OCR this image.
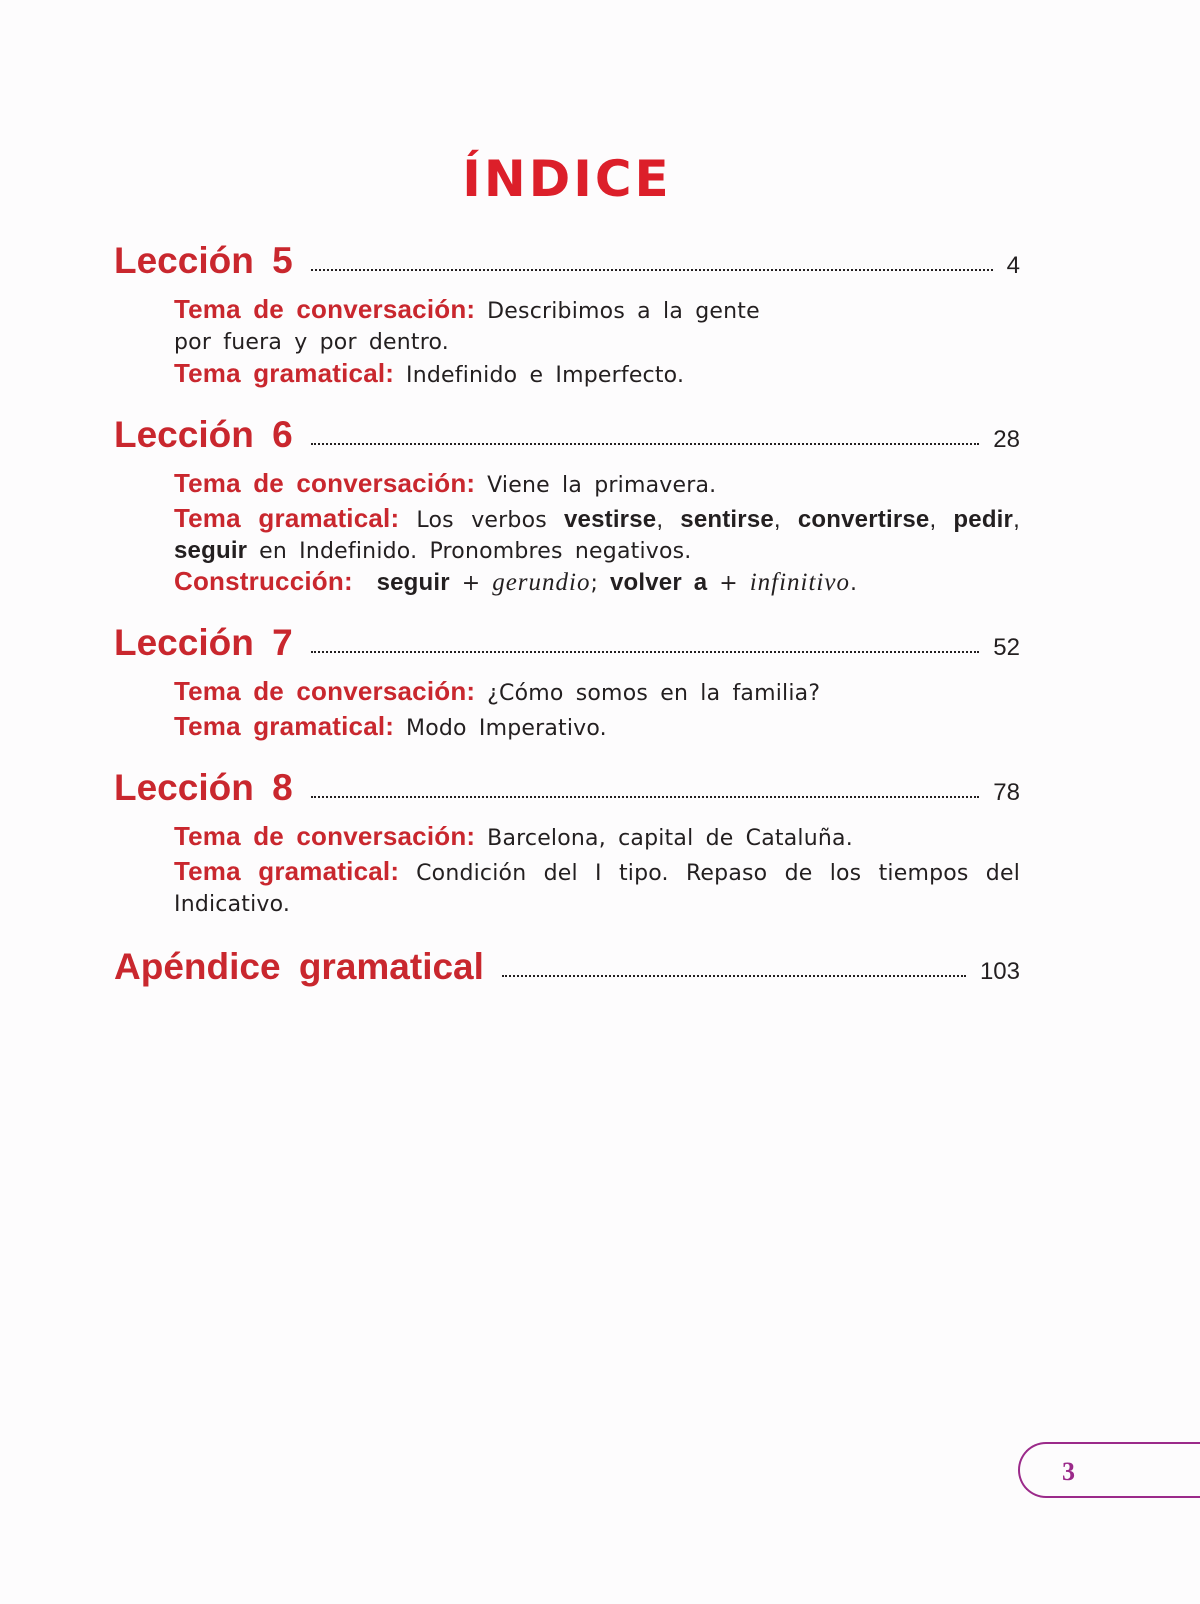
ÍNDICE
Lección 5	4
Tema de conversación: Describimos a la gente
por fuera y por dentro.
Tema gramatical: Indefinido e Imperfecto.
Lección 6	28
Tema de conversación: Viene la primavera.
Tema gramatical: Los verbos vestirse, sentirse, convertirse, pedir, seguir en Indefinido. Pronombres negativos.
Construcción: seguir + gerundio; volver a + infinitivo.
Lección 7	52
Tema de conversación: ¿Cómo somos en la familia?
Tema gramatical: Modo Imperativo.
Lección 8	78
Tema de conversación: Barcelona, capital de Cataluña.
Tema gramatical: Condición del I tipo. Repaso de los tiempos del Indicativo.
Apéndice gramatical	103
3
